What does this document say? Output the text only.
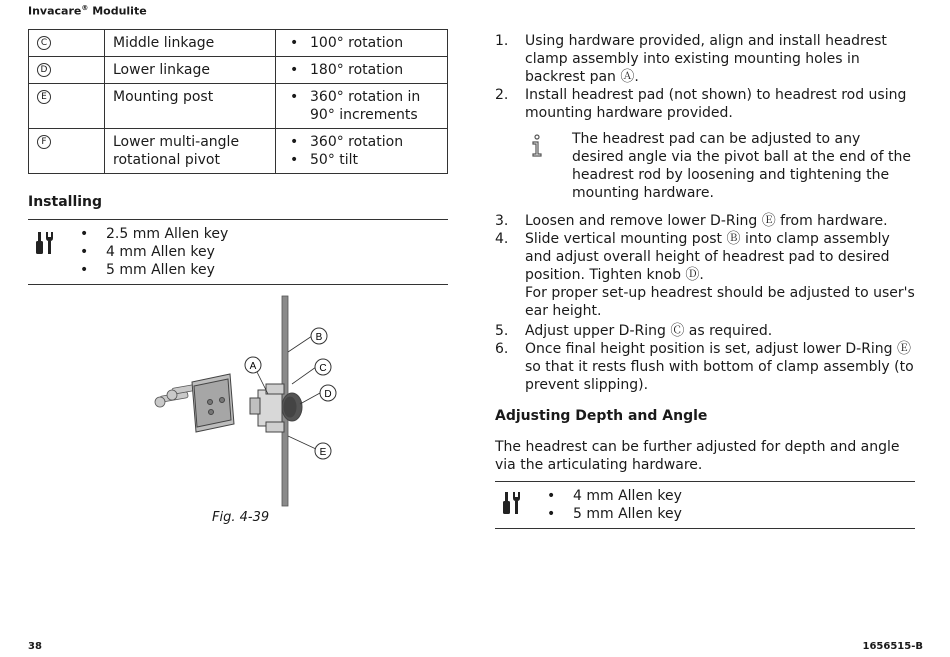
Invacare® Modulite
C	Middle linkage	• 100° rotation

D	Lower linkage	• 180° rotation

E	Mounting post	• 360° rotation in 90° increments

F	Lower multi-angle rotational pivot	• 360° rotation
• 50° tilt
Installing
• 2.5 mm Allen key
• 4 mm Allen key
• 5 mm Allen key
A
B
C
D
E
Fig. 4-39
1. Using hardware provided, align and install headrest clamp assembly into existing mounting holes in backrest pan Ⓐ.
2. Install headrest pad (not shown) to headrest rod using mounting hardware provided.
The headrest pad can be adjusted to any desired angle via the pivot ball at the end of the headrest rod by loosening and tightening the mounting hardware.
3. Loosen and remove lower D-Ring Ⓔ from hardware.
4. Slide vertical mounting post Ⓑ into clamp assembly and adjust overall height of headrest pad to desired position. Tighten knob Ⓓ.
For proper set-up headrest should be adjusted to user's ear height.
5. Adjust upper D-Ring Ⓒ as required.
6. Once final height position is set, adjust lower D-Ring Ⓔ so that it rests flush with bottom of clamp assembly (to prevent slipping).
Adjusting Depth and Angle
The headrest can be further adjusted for depth and angle via the articulating hardware.
• 4 mm Allen key
• 5 mm Allen key
38	1656515-B
